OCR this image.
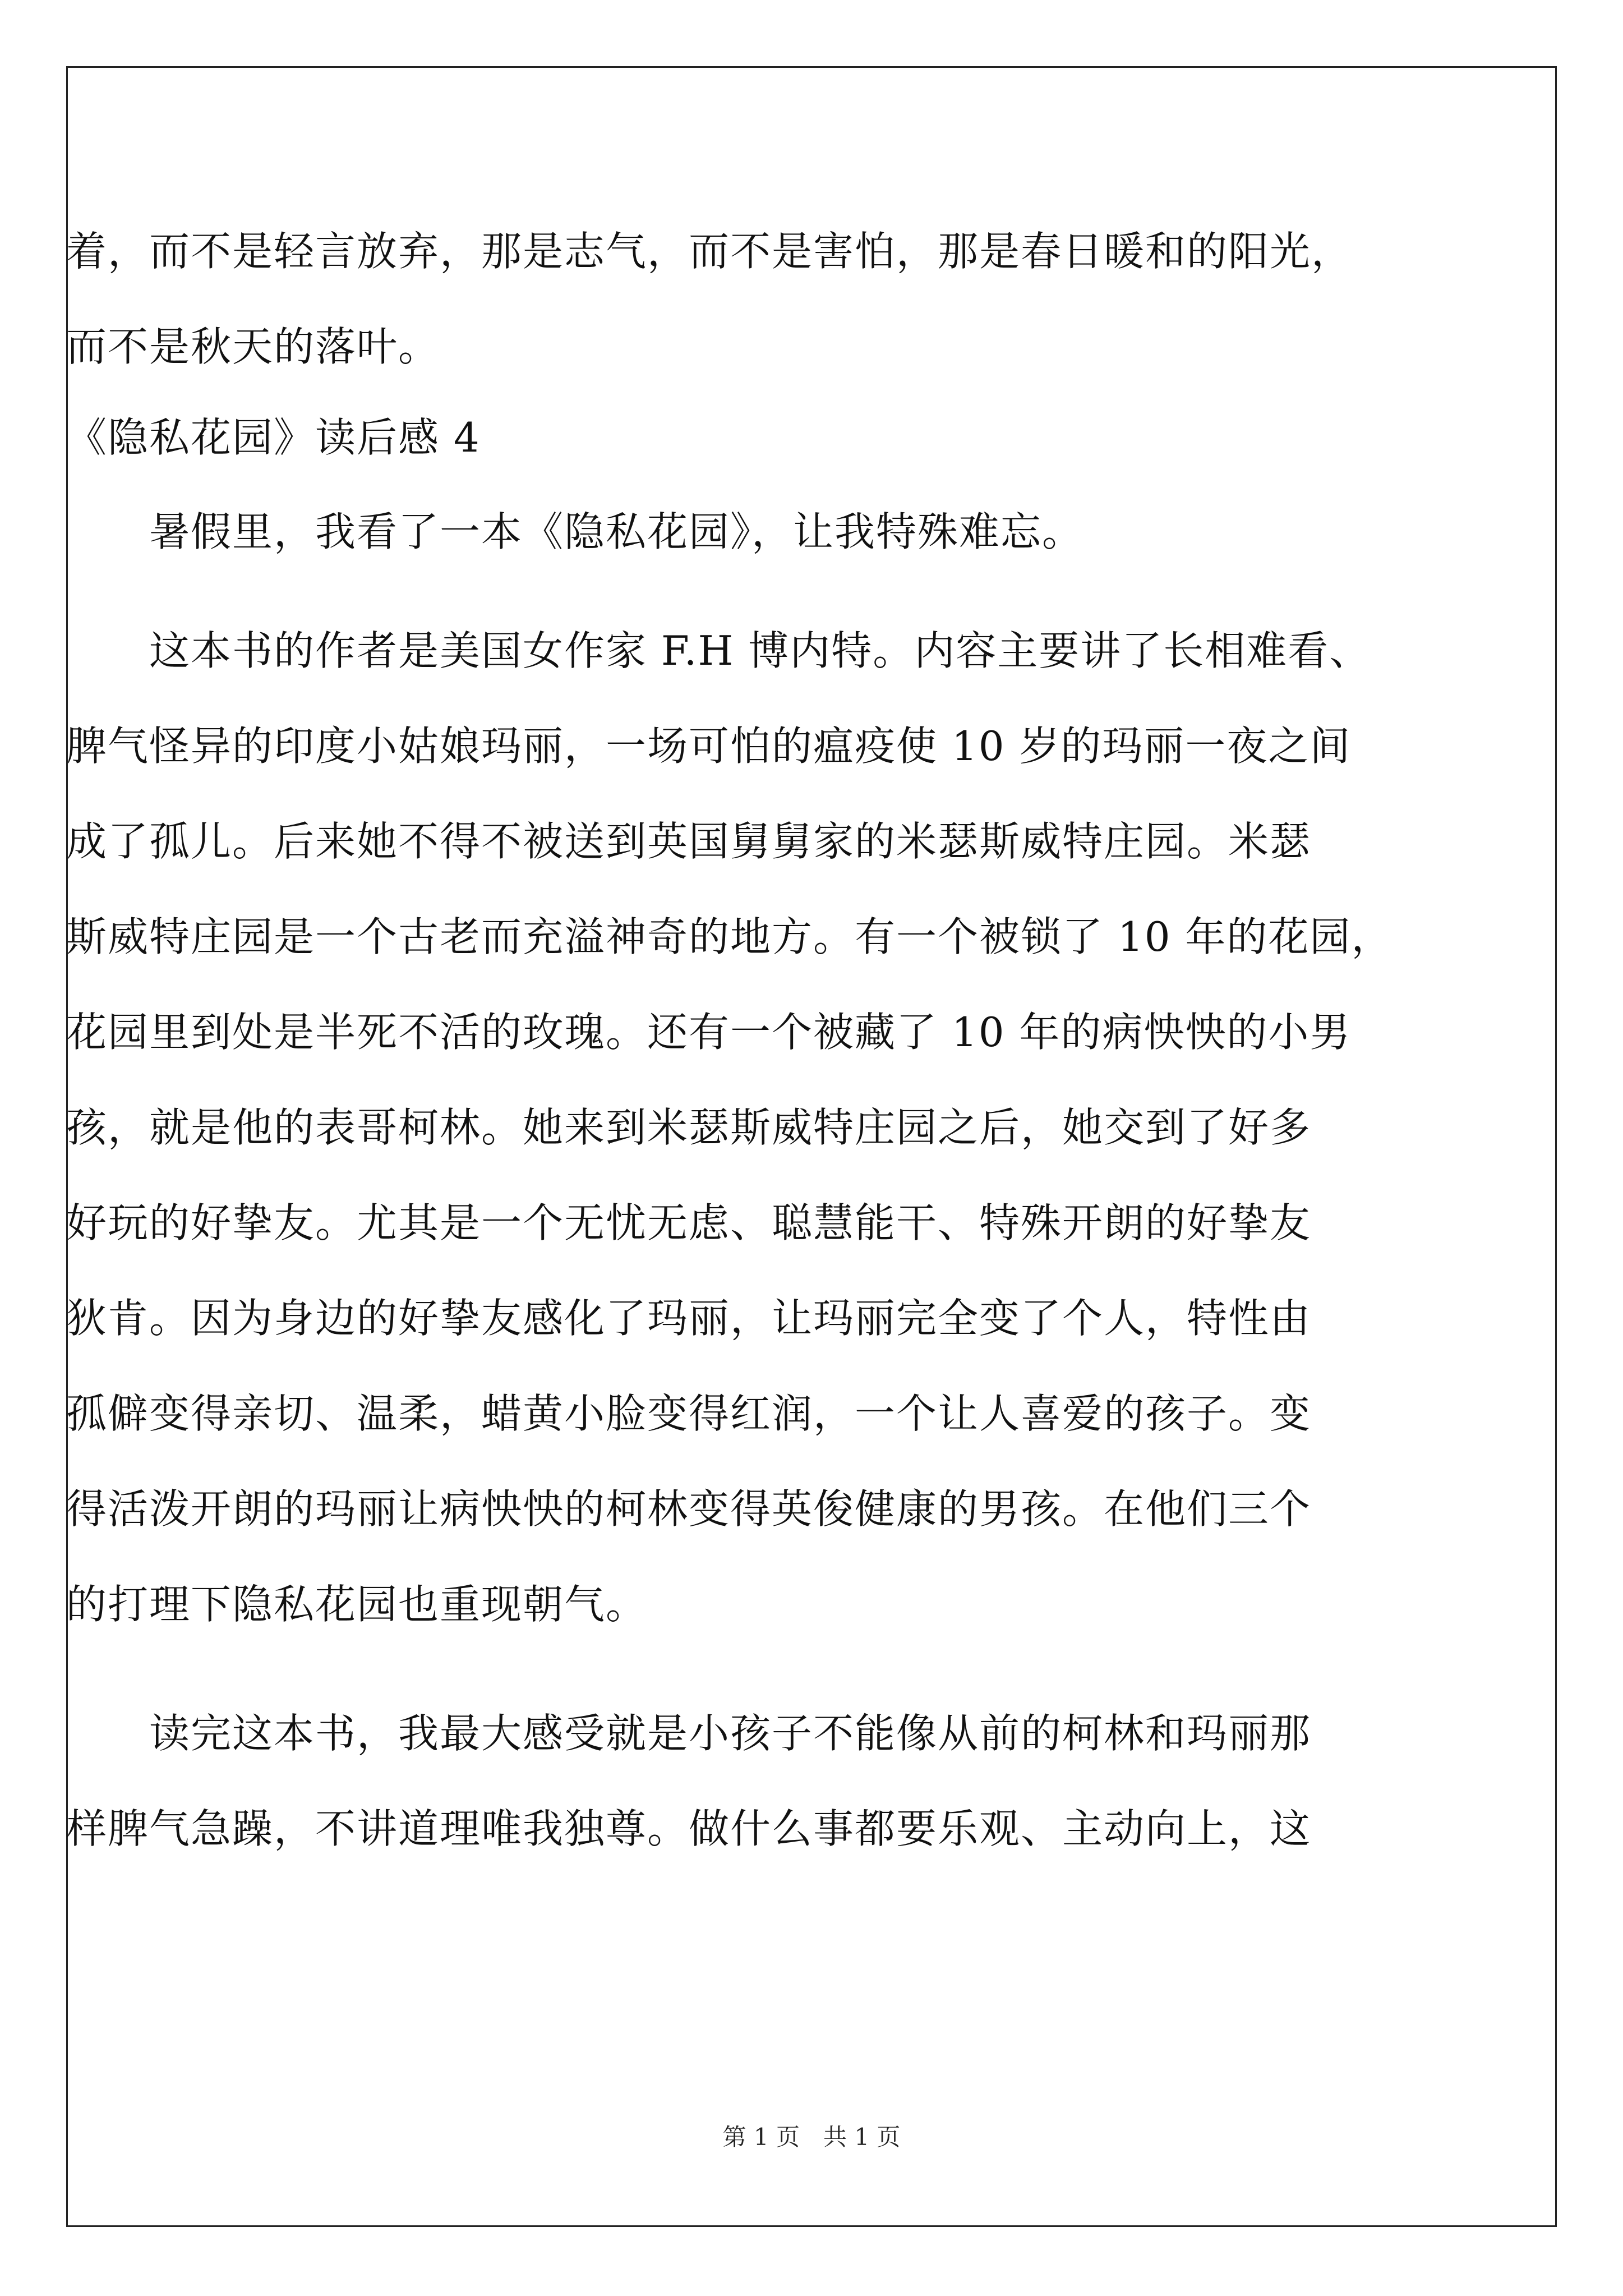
着，而不是轻言放弃，那是志气，而不是害怕，那是春日暖和的阳光，
而不是秋天的落叶。
《隐私花园》读后感 4
　　暑假里，我看了一本《隐私花园》，让我特殊难忘。
　　这本书的作者是美国女作家 F.H 博内特。内容主要讲了长相难看、
脾气怪异的印度小姑娘玛丽，一场可怕的瘟疫使 10 岁的玛丽一夜之间
成了孤儿。后来她不得不被送到英国舅舅家的米瑟斯威特庄园。米瑟
斯威特庄园是一个古老而充溢神奇的地方。有一个被锁了 10 年的花园，
花园里到处是半死不活的玫瑰。还有一个被藏了 10 年的病怏怏的小男
孩，就是他的表哥柯林。她来到米瑟斯威特庄园之后，她交到了好多
好玩的好挚友。尤其是一个无忧无虑、聪慧能干、特殊开朗的好挚友
狄肯。因为身边的好挚友感化了玛丽，让玛丽完全变了个人，特性由
孤僻变得亲切、温柔，蜡黄小脸变得红润，一个让人喜爱的孩子。变
得活泼开朗的玛丽让病怏怏的柯林变得英俊健康的男孩。在他们三个
的打理下隐私花园也重现朝气。
　　读完这本书，我最大感受就是小孩子不能像从前的柯林和玛丽那
样脾气急躁，不讲道理唯我独尊。做什么事都要乐观、主动向上，这
第 1 页　共 1 页
